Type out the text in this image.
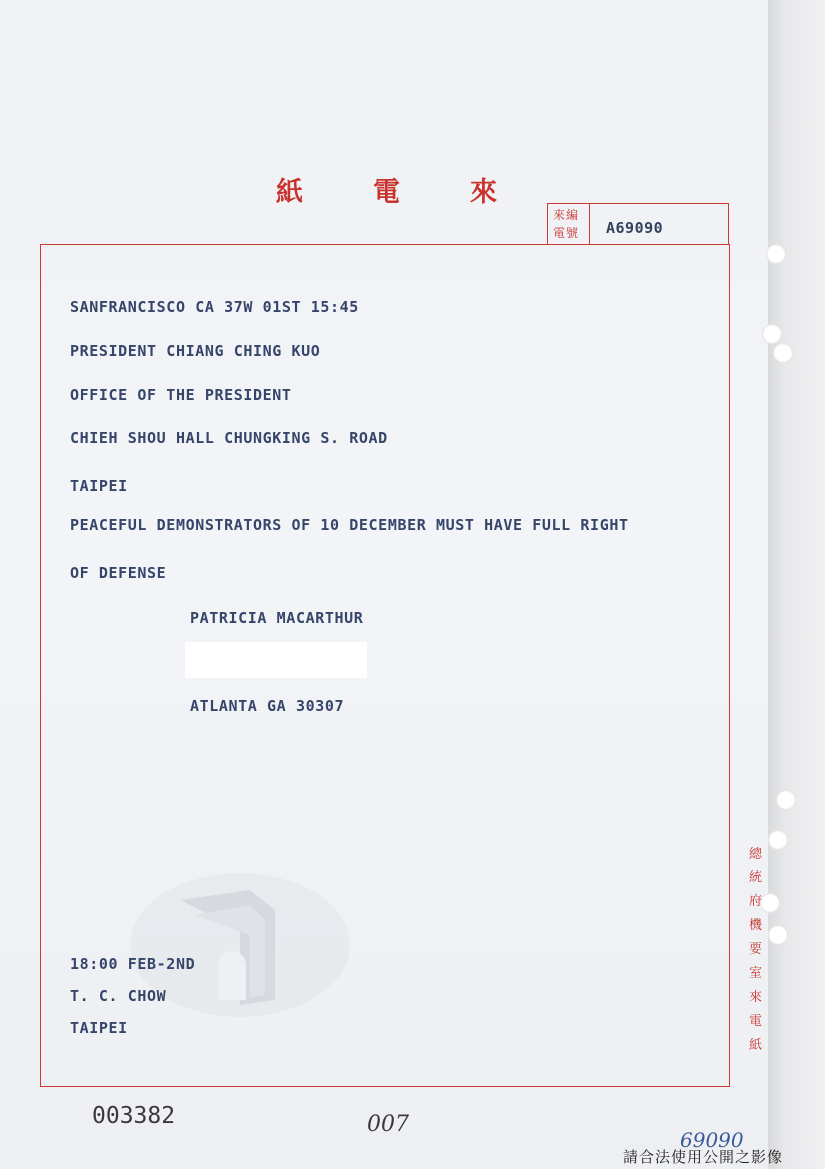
紙	電	來
來編 電號	A69090
SANFRANCISCO CA 37W 01ST 15:45
PRESIDENT CHIANG CHING KUO
OFFICE OF THE PRESIDENT
CHIEH SHOU HALL CHUNGKING S. ROAD
TAIPEI
PEACEFUL DEMONSTRATORS OF 10 DECEMBER MUST HAVE FULL RIGHT
OF DEFENSE
PATRICIA MACARTHUR
ATLANTA GA 30307
18:00 FEB-2ND
T. C. CHOW
TAIPEI
總
統
府
機
要
室
來
電
紙
003382	007
69090
請合法使用公開之影像
